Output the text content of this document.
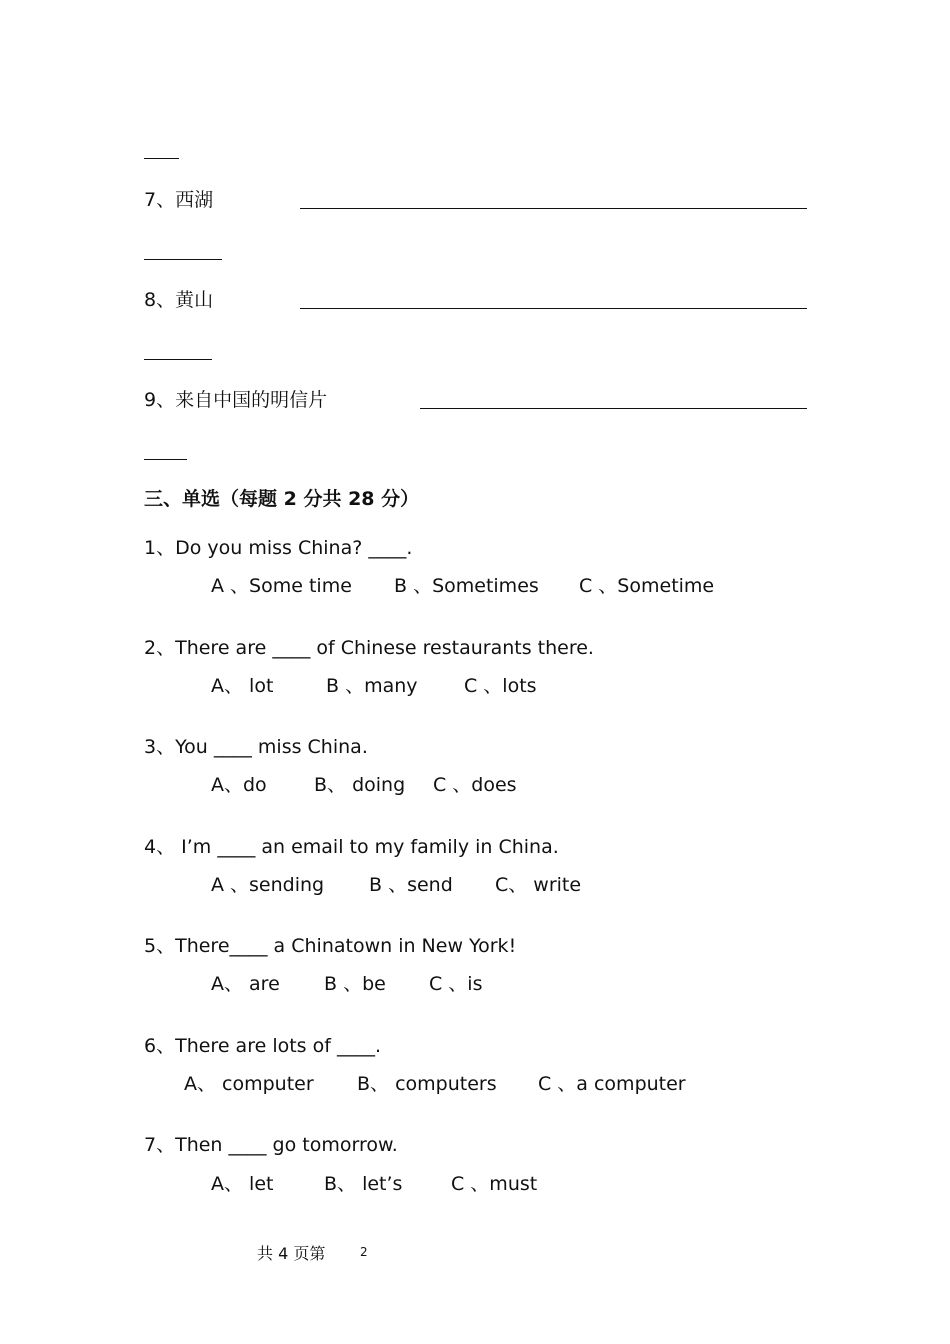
7、西湖
8、黄山
9、来自中国的明信片
三、单选（每题 2 分共 28 分）
1、Do you miss China? ____.
A 、Some time B 、Sometimes C 、Sometime
2、There are ____ of Chinese restaurants there.
A、 lot	B 、many C 、lots
3、You ____ miss China.
A、do B、 doing C 、does
4、 I’m ____ an email to my family in China.
A 、sending B 、send C、 write
5、There____ a Chinatown in New York!
A、 are B 、be C 、is
6、There are lots of ____.
A、 computer B、 computers C 、a computer
7、Then ____ go tomorrow.
A、 let	B、 let’s	C 、must
共 4 页第	2
